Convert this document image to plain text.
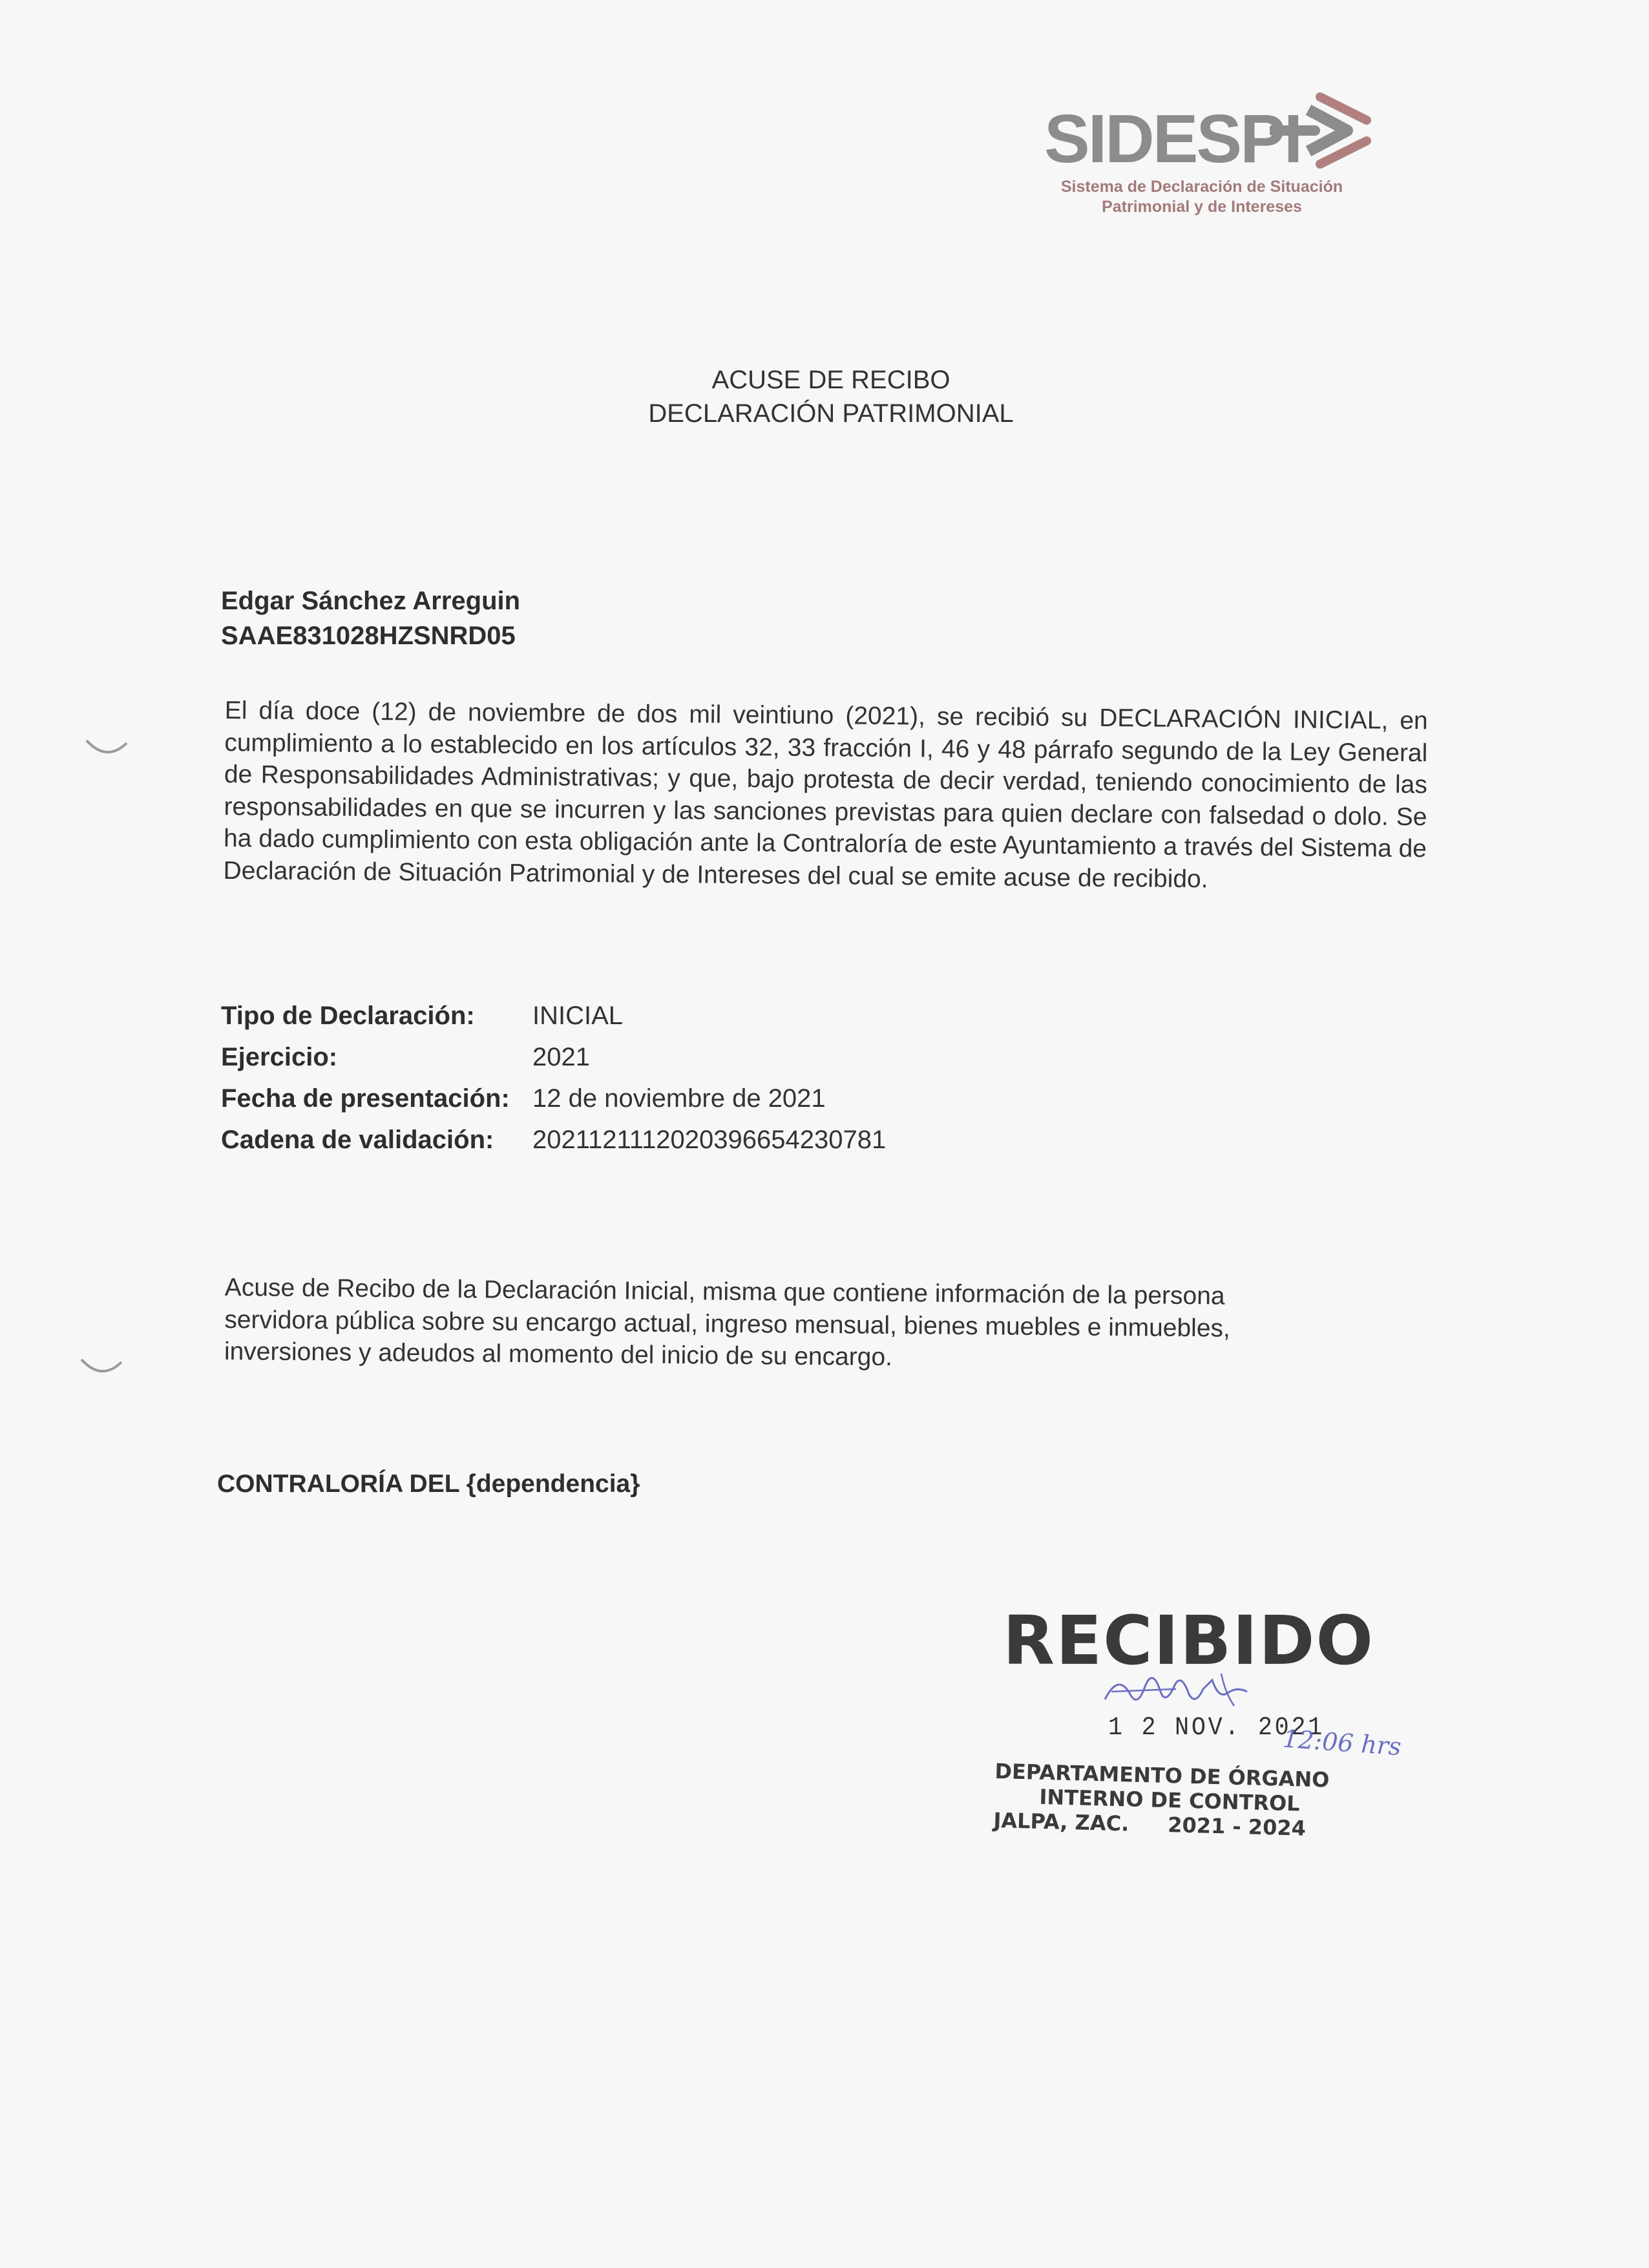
SIDESPI
Sistema de Declaración de Situación
Patrimonial y de Intereses
ACUSE DE RECIBO
DECLARACIÓN PATRIMONIAL
Edgar Sánchez Arreguin
SAAE831028HZSNRD05
El día doce (12) de noviembre de dos mil veintiuno (2021), se recibió su DECLARACIÓN INICIAL, en cumplimiento a lo establecido en los artículos 32, 33 fracción I, 46 y 48 párrafo segundo de la Ley General de Responsabilidades Administrativas; y que, bajo protesta de decir verdad, teniendo conocimiento de las responsabilidades en que se incurren y las sanciones previstas para quien declare con falsedad o dolo. Se ha dado cumplimiento con esta obligación ante la Contraloría de este Ayuntamiento a través del Sistema de Declaración de Situación Patrimonial y de Intereses del cual se emite acuse de recibido.
Tipo de Declaración:	INICIAL
Ejercicio:	2021
Fecha de presentación: 12 de noviembre de 2021
Cadena de validación:	20211211120203966542307​81
Acuse de Recibo de la Declaración Inicial, misma que contiene información de la persona servidora pública sobre su encargo actual, ingreso mensual, bienes muebles e inmuebles, inversiones y adeudos al momento del inicio de su encargo.
CONTRALORÍA DEL {dependencia}
RECIBIDO
1 2 NOV. 2021
12:06 hrs
DEPARTAMENTO DE ÓRGANO
INTERNO DE CONTROL
JALPA, ZAC. 2021 - 2024
